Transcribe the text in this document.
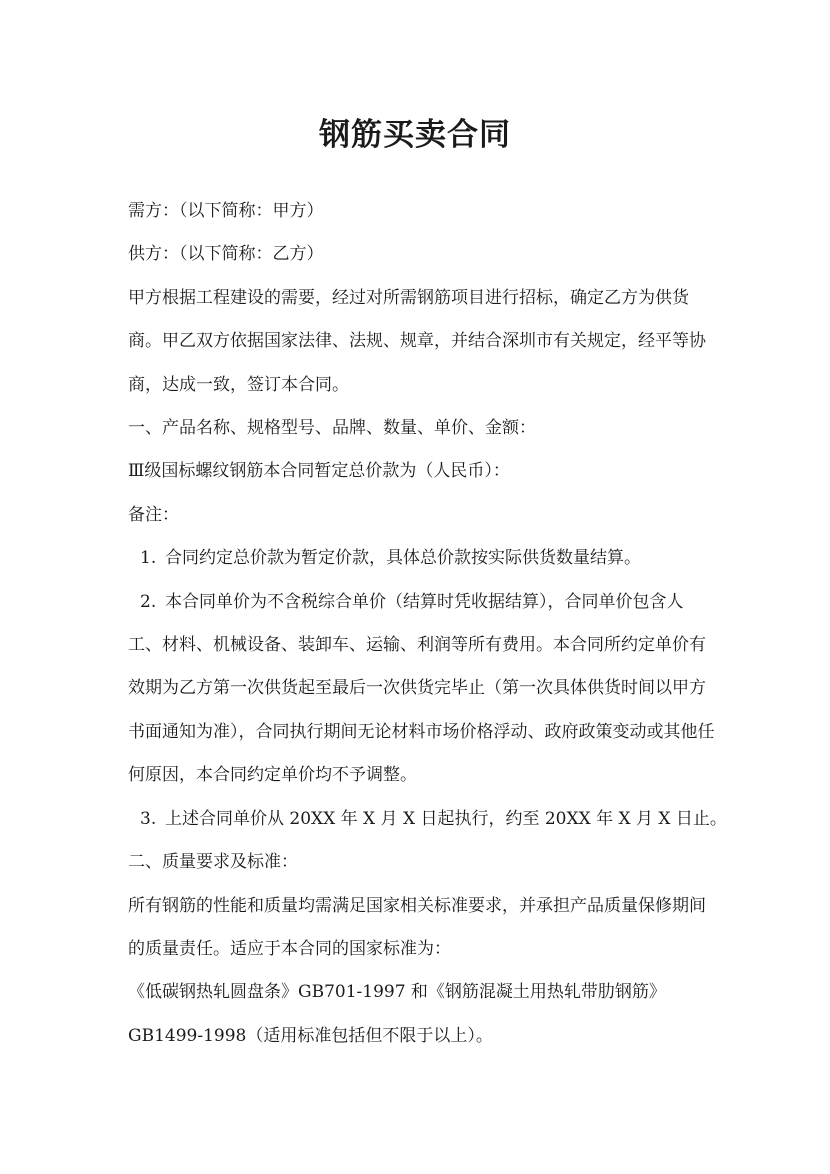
钢筋买卖合同

需方：（以下简称：甲方）

供方：（以下简称：乙方）

甲方根据工程建设的需要，经过对所需钢筋项目进行招标，确定乙方为供货

商。甲乙双方依据国家法律、法规、规章，并结合深圳市有关规定，经平等协

商，达成一致，签订本合同。

一、产品名称、规格型号、品牌、数量、单价、金额：

Ⅲ级国标螺纹钢筋本合同暂定总价款为（人民币）：

备注：

1. 合同约定总价款为暂定价款，具体总价款按实际供货数量结算。

2. 本合同单价为不含税综合单价（结算时凭收据结算），合同单价包含人

工、材料、机械设备、装卸车、运输、利润等所有费用。本合同所约定单价有

效期为乙方第一次供货起至最后一次供货完毕止（第一次具体供货时间以甲方

书面通知为准），合同执行期间无论材料市场价格浮动、政府政策变动或其他任

何原因，本合同约定单价均不予调整。

3. 上述合同单价从 20XX 年 X 月 X 日起执行，约至 20XX 年 X 月 X 日止。

二、质量要求及标准：

所有钢筋的性能和质量均需满足国家相关标准要求，并承担产品质量保修期间

的质量责任。适应于本合同的国家标准为：

《低碳钢热轧圆盘条》GB701-1997 和《钢筋混凝土用热轧带肋钢筋》

GB1499-1998（适用标准包括但不限于以上）。
